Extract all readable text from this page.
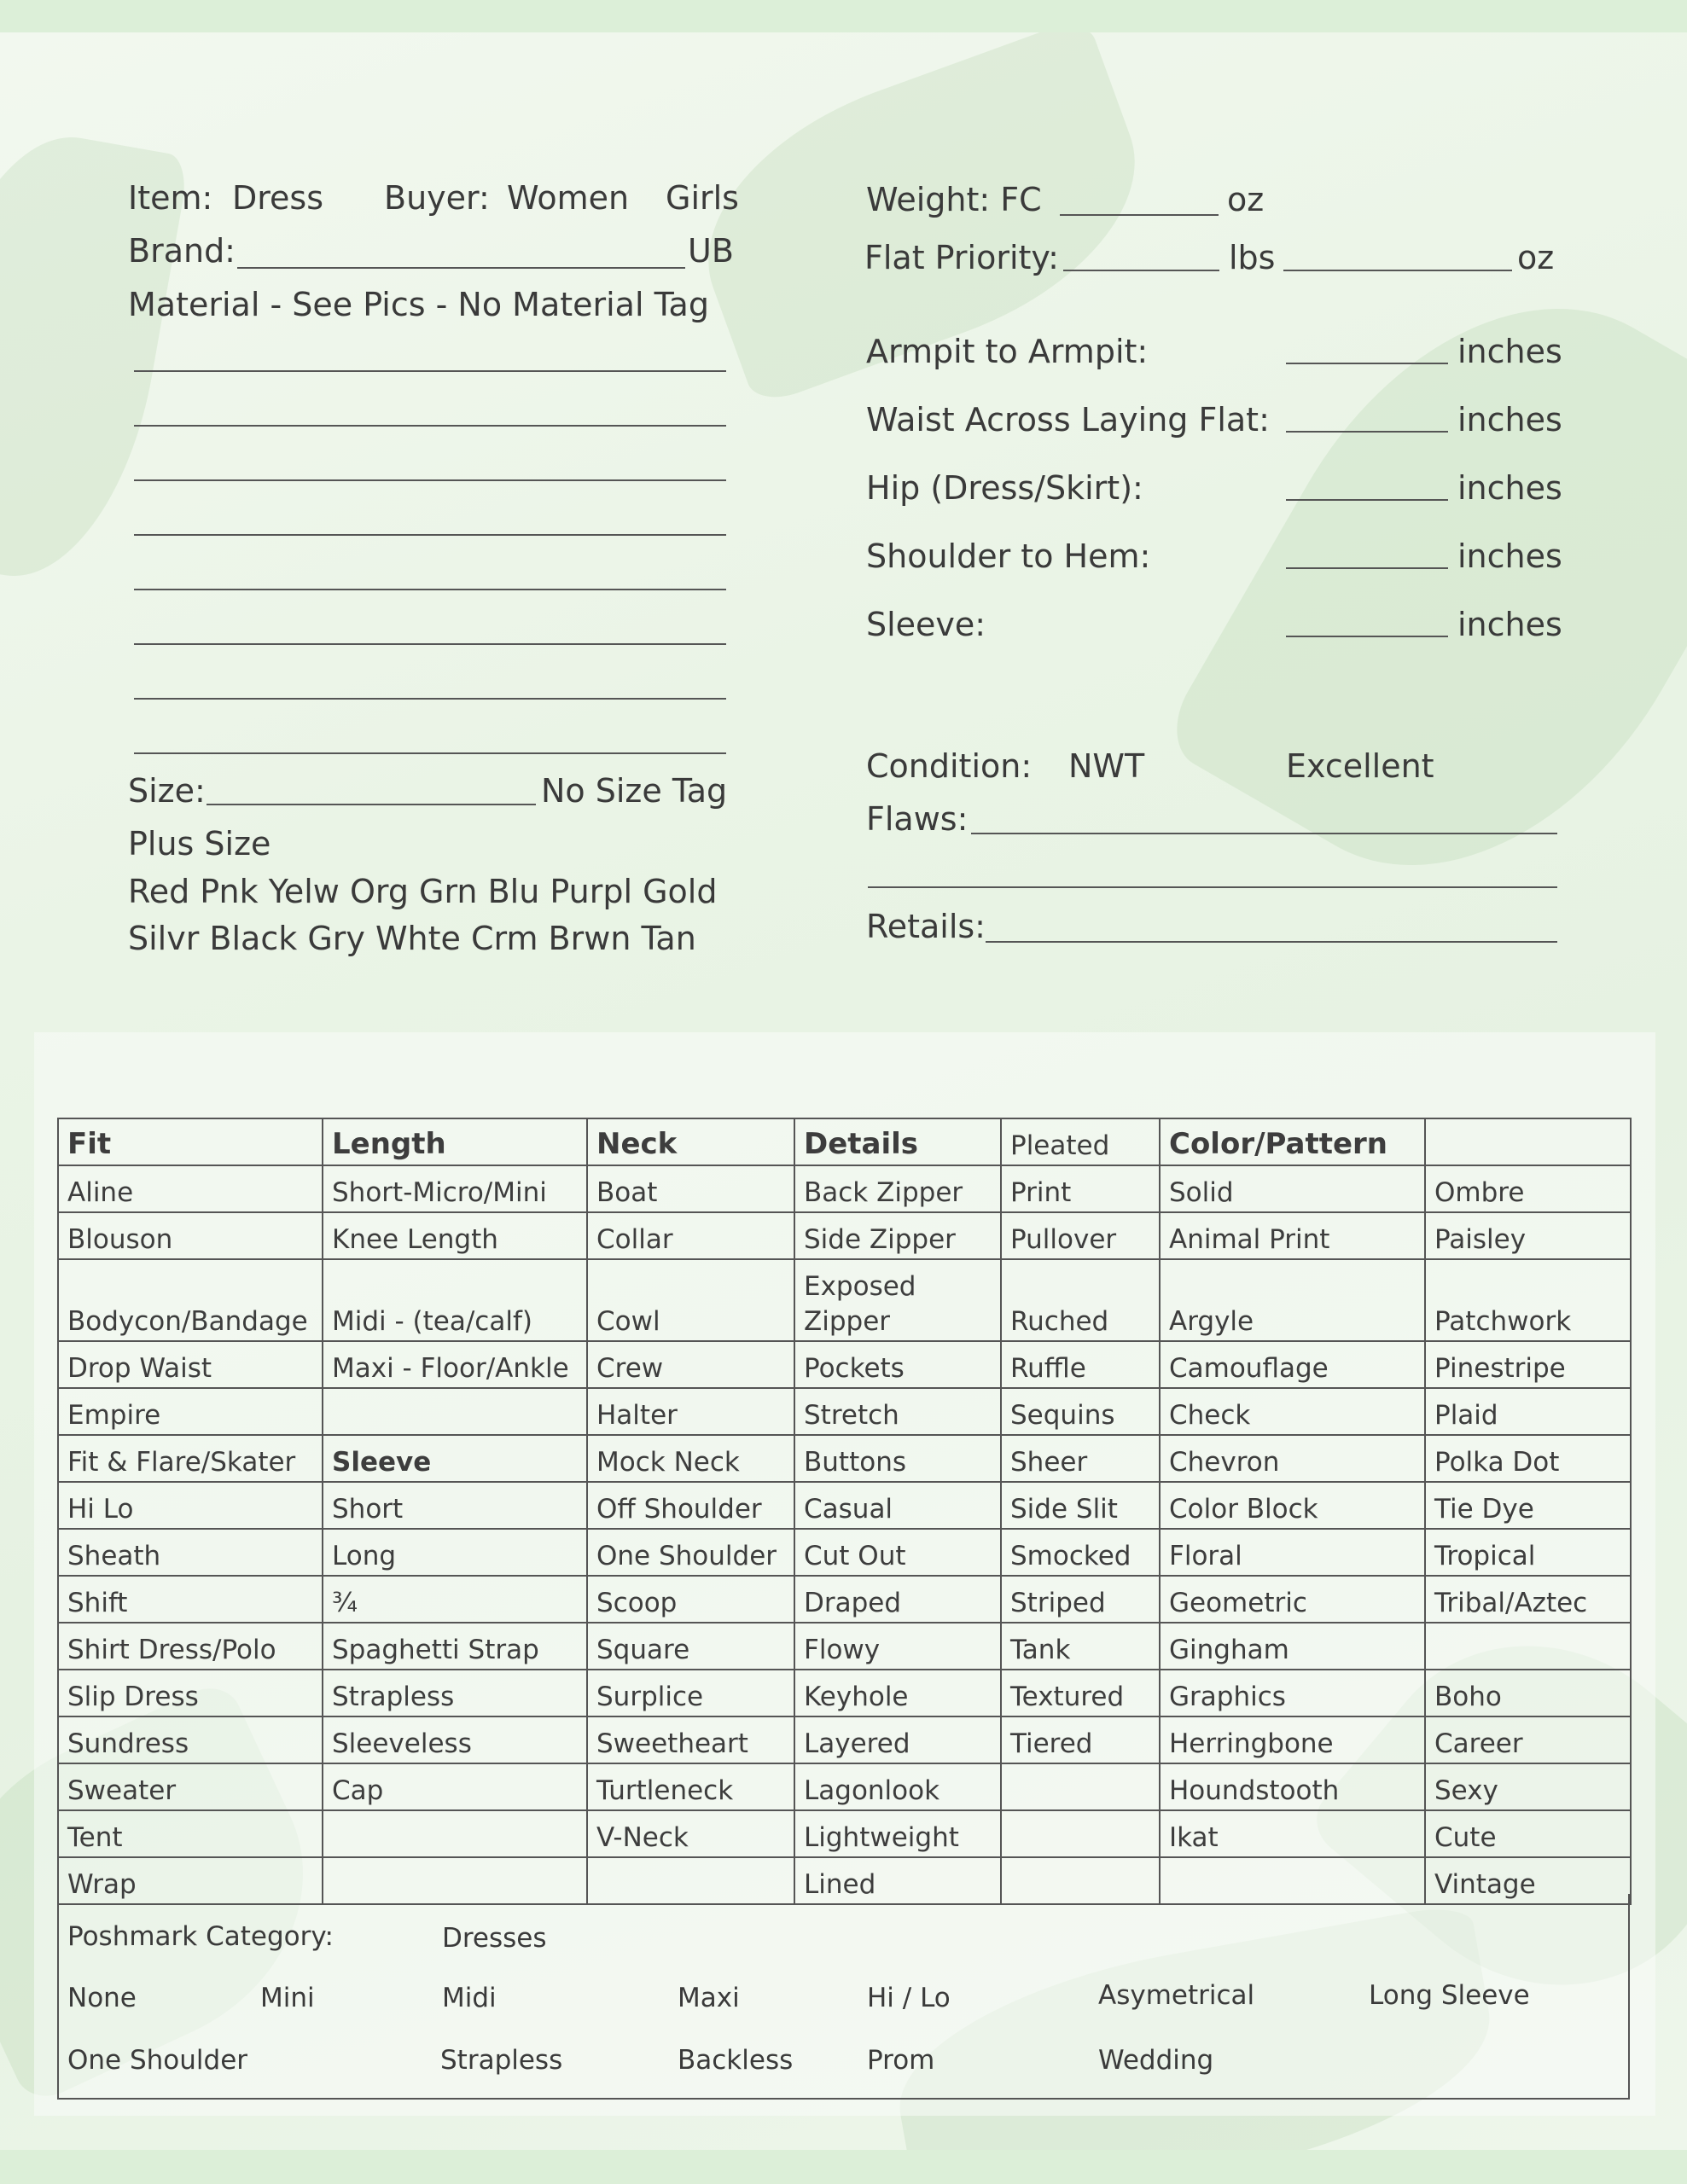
Item: Dress Buyer: Women Girls
Brand:	UB
Material - See Pics - No Material Tag
Size:	No Size Tag
Plus Size
Red Pnk Yelw Org Grn Blu Purpl Gold
Silvr Black Gry Whte Crm Brwn Tan
Weight: FC	oz
Flat Priority:	lbs	oz
Armpit to Armpit:	inches
Waist Across Laying Flat:	inches
Hip (Dress/Skirt):	inches
Shoulder to Hem:	inches
Sleeve:	inches
Condition: NWT	Excellent
Flaws:
Retails:
Fit	Length	Neck	Details	Pleated	Color/Pattern	
Aline	Short-Micro/Mini	Boat	Back Zipper	Print	Solid	Ombre
Blouson	Knee Length	Collar	Side Zipper	Pullover	Animal Print	Paisley
Bodycon/Bandage	Midi - (tea/calf)	Cowl	Exposed Zipper	Ruched	Argyle	Patchwork
Drop Waist	Maxi - Floor/Ankle	Crew	Pockets	Ruffle	Camouflage	Pinestripe
Empire		Halter	Stretch	Sequins	Check	Plaid
Fit & Flare/Skater	Sleeve	Mock Neck	Buttons	Sheer	Chevron	Polka Dot
Hi Lo	Short	Off Shoulder	Casual	Side Slit	Color Block	Tie Dye
Sheath	Long	One Shoulder	Cut Out	Smocked	Floral	Tropical
Shift	¾	Scoop	Draped	Striped	Geometric	Tribal/Aztec
Shirt Dress/Polo	Spaghetti Strap	Square	Flowy	Tank	Gingham	
Slip Dress	Strapless	Surplice	Keyhole	Textured	Graphics	Boho
Sundress	Sleeveless	Sweetheart	Layered	Tiered	Herringbone	Career
Sweater	Cap	Turtleneck	Lagonlook		Houndstooth	Sexy
Tent		V-Neck	Lightweight		Ikat	Cute
Wrap			Lined			Vintage
Poshmark Category:	Dresses
None	Mini	Midi	Maxi	Hi / Lo	Asymetrical	Long Sleeve
One Shoulder	Strapless	Backless	Prom	Wedding
